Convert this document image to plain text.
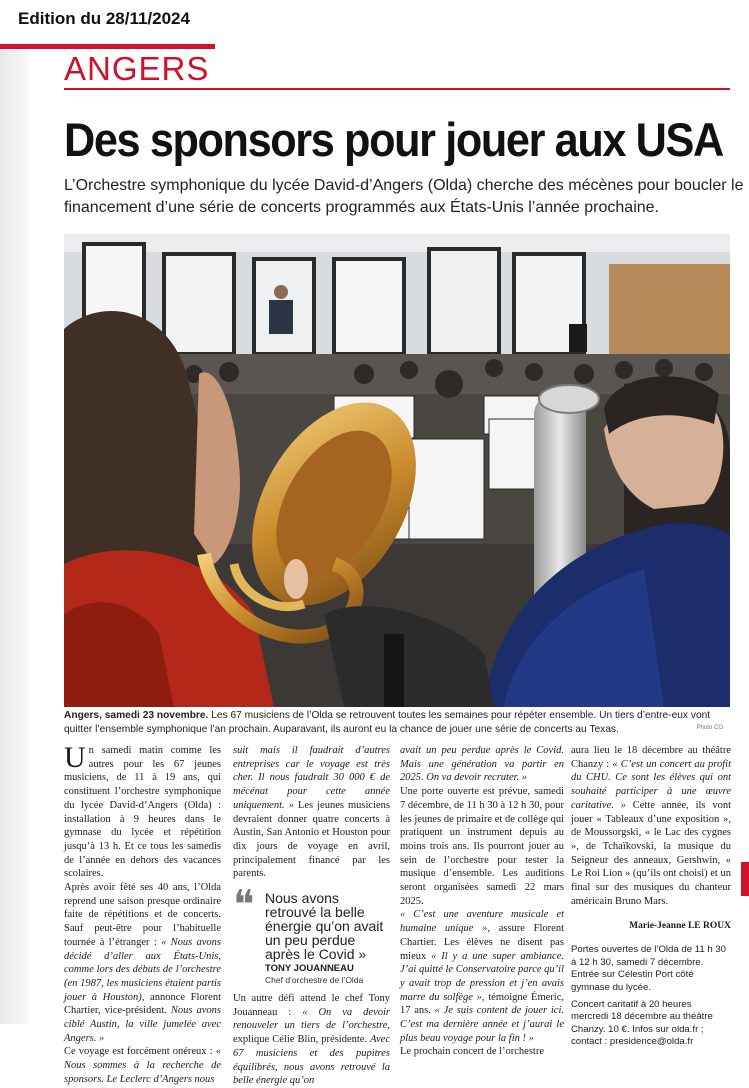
Edition du 28/11/2024
ANGERS
Des sponsors pour jouer aux USA
L’Orchestre symphonique du lycée David-d’Angers (Olda) cherche des mécènes pour boucler le financement d’une série de concerts programmés aux États-Unis l’année prochaine.
Photo CO
Angers, samedi 23 novembre. Les 67 musiciens de l’Olda se retrouvent toutes les semaines pour répéter ensemble. Un tiers d’entre-eux vont quitter l’ensemble symphonique l’an prochain. Auparavant, ils auront eu la chance de jouer une série de concerts au Texas.

Un samedi matin comme les autres pour les 67 jeunes musiciens, de 11 à 19 ans, qui constituent l’orchestre symphonique du lycée David-d’Angers (Olda) : installation à 9 heures dans le gymnase du lycée et répétition jusqu’à 13 h. Et ce tous les samedis de l’année en dehors des vacances scolaires.

Après avoir fêté ses 40 ans, l’Olda reprend une saison presque ordinaire faite de répétitions et de concerts. Sauf peut-être pour l’habituelle tournée à l’étranger : « Nous avons décidé d’aller aux États-Unis, comme lors des débuts de l’orchestre (en 1987, les musiciens étaient partis jouer à Houston), annonce Florent Chartier, vice-président. Nous avons ciblé Austin, la ville jumelée avec Angers. »

Ce voyage est forcément onéreux : « Nous sommes à la recherche de sponsors. Le Leclerc d’Angers nous

suit mais il faudrait d’autres entreprises car le voyage est très cher. Il nous faudrait 30 000 € de mécénat pour cette année uniquement. » Les jeunes musiciens devraient donner quatre concerts à Austin, San Antonio et Houston pour dix jours de voyage en avril, principalement financé par les parents.

❝ Nous avons retrouvé la belle énergie qu’on avait un peu perdue après le Covid »
TONY JOUANNEAU
Chef d’orchestre de l’Olda

Un autre défi attend le chef Tony Jouanneau : « On va devoir renouveler un tiers de l’orchestre, explique Célie Blin, présidente. Avec 67 musiciens et des pupitres équilibrés, nous avons retrouvé la belle énergie qu’on

avait un peu perdue après le Covid. Mais une génération va partir en 2025. On va devoir recruter. »

Une porte ouverte est prévue, samedi 7 décembre, de 11 h 30 à 12 h 30, pour les jeunes de primaire et de collège qui pratiquent un instrument depuis au moins trois ans. Ils pourront jouer au sein de l’orchestre pour tester la musique d’ensemble. Les auditions seront organisées samedi 22 mars 2025.

« C’est une aventure musicale et humaine unique », assure Florent Chartier. Les élèves ne disent pas mieux « Il y a une super ambiance. J’ai quitté le Conservatoire parce qu’il y avait trop de pression et j’en avais marre du solfège », témoigne Émeric, 17 ans. « Je suis content de jouer ici. C’est ma dernière année et j’aurai le plus beau voyage pour la fin ! »

Le prochain concert de l’orchestre

aura lieu le 18 décembre au théâtre Chanzy : « C’est un concert au profit du CHU. Ce sont les élèves qui ont souhaité participer à une œuvre caritative. » Cette année, ils vont jouer « Tableaux d’une exposition », de Moussorgski, « le Lac des cygnes », de Tchaïkovski, la musique du Seigneur des anneaux, Gershwin, « Le Roi Lion » (qu’ils ont choisi) et un final sur des musiques du chanteur américain Bruno Mars.

Marie-Jeanne LE ROUX

Portes ouvertes de l’Olda de 11 h 30 à 12 h 30, samedi 7 décembre. Entrée sur Célestin Port côté gymnase du lycée.

Concert caritatif à 20 heures mercredi 18 décembre au théâtre Chanzy. 10 €. Infos sur olda.fr ; contact : presidence@olda.fr
